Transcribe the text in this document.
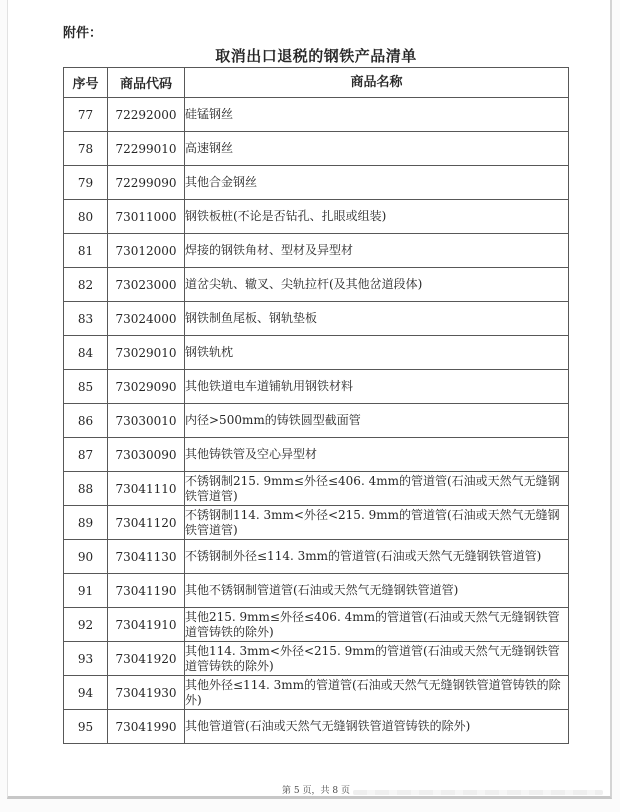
附件：
取消出口退税的钢铁产品清单
序号	商品代码	商品名称
77	72292000	硅锰钢丝
78	72299010	高速钢丝
79	72299090	其他合金钢丝
80	73011000	钢铁板桩(不论是否钻孔、扎眼或组装)
81	73012000	焊接的钢铁角材、型材及异型材
82	73023000	道岔尖轨、辙叉、尖轨拉杆(及其他岔道段体)
83	73024000	钢铁制鱼尾板、钢轨垫板
84	73029010	钢铁轨枕
85	73029090	其他铁道电车道铺轨用钢铁材料
86	73030010	内径>500mm的铸铁圆型截面管
87	73030090	其他铸铁管及空心异型材
88	73041110	不锈钢制215. 9mm≤外径≤406. 4mm的管道管(石油或天然气无缝钢铁管道管)
89	73041120	不锈钢制114. 3mm<外径<215. 9mm的管道管(石油或天然气无缝钢铁管道管)
90	73041130	不锈钢制外径≤114. 3mm的管道管(石油或天然气无缝钢铁管道管)
91	73041190	其他不锈钢制管道管(石油或天然气无缝钢铁管道管)
92	73041910	其他215. 9mm≤外径≤406. 4mm的管道管(石油或天然气无缝钢铁管道管铸铁的除外)
93	73041920	其他114. 3mm<外径<215. 9mm的管道管(石油或天然气无缝钢铁管道管铸铁的除外)
94	73041930	其他外径≤114. 3mm的管道管(石油或天然气无缝钢铁管道管铸铁的除外)
95	73041990	其他管道管(石油或天然气无缝钢铁管道管铸铁的除外)
第 5 页，共 8 页
